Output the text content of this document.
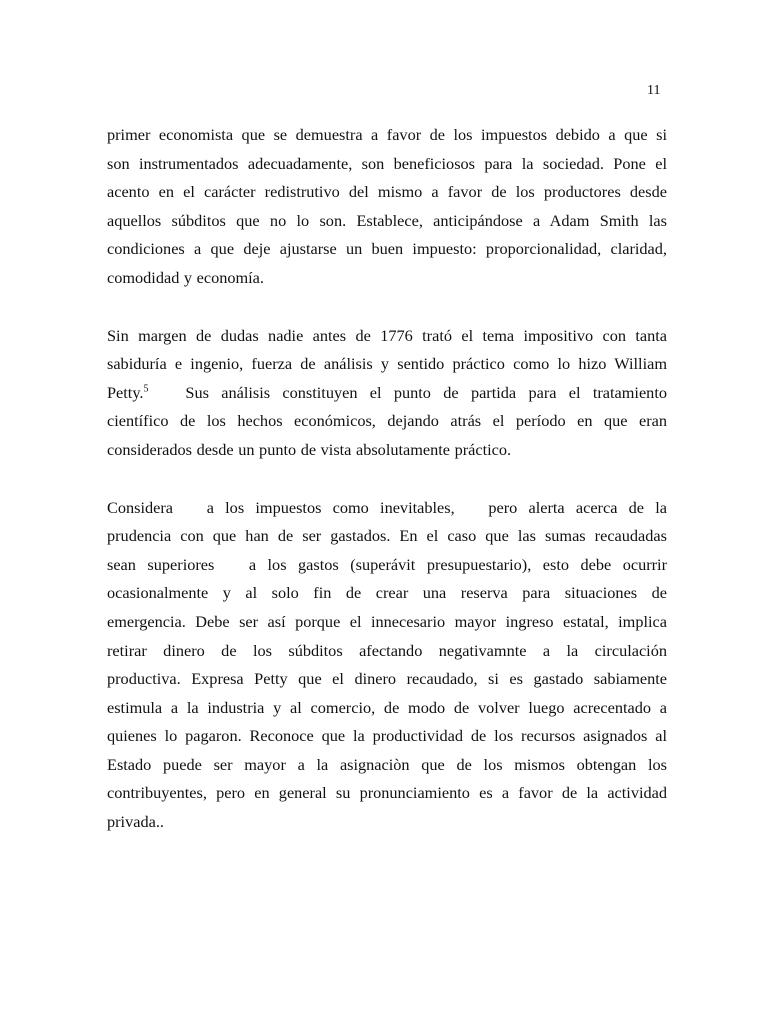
11

primer economista que se demuestra a favor de los impuestos debido a que si
son instrumentados adecuadamente, son beneficiosos para la sociedad. Pone el
acento en el carácter redistrutivo del mismo a favor de los productores desde
aquellos súbditos que no lo son. Establece, anticipándose a Adam Smith las
condiciones a que deje ajustarse un buen impuesto: proporcionalidad, claridad,
comodidad y economía.

Sin margen de dudas nadie antes de 1776 trató el tema impositivo con tanta
sabiduría e ingenio, fuerza de análisis y sentido práctico como lo hizo William
Petty.$^5$   Sus análisis constituyen el punto de partida para el tratamiento
científico de los hechos económicos, dejando atrás el período en que eran
considerados desde un punto de vista absolutamente práctico.

Considera   a los impuestos como inevitables,   pero alerta acerca de la
prudencia con que han de ser gastados. En el caso que las sumas recaudadas
sean superiores   a los gastos (superávit presupuestario), esto debe ocurrir
ocasionalmente y al solo fin de crear una reserva para situaciones de
emergencia. Debe ser así porque el innecesario mayor ingreso estatal, implica
retirar dinero de los súbditos afectando negativamnte a la circulación
productiva. Expresa Petty que el dinero recaudado, si es gastado sabiamente
estimula a la industria y al comercio, de modo de volver luego acrecentado a
quienes lo pagaron. Reconoce que la productividad de los recursos asignados al
Estado puede ser mayor a la asignaciòn que de los mismos obtengan los
contribuyentes, pero en general su pronunciamiento es a favor de la actividad
privada..
